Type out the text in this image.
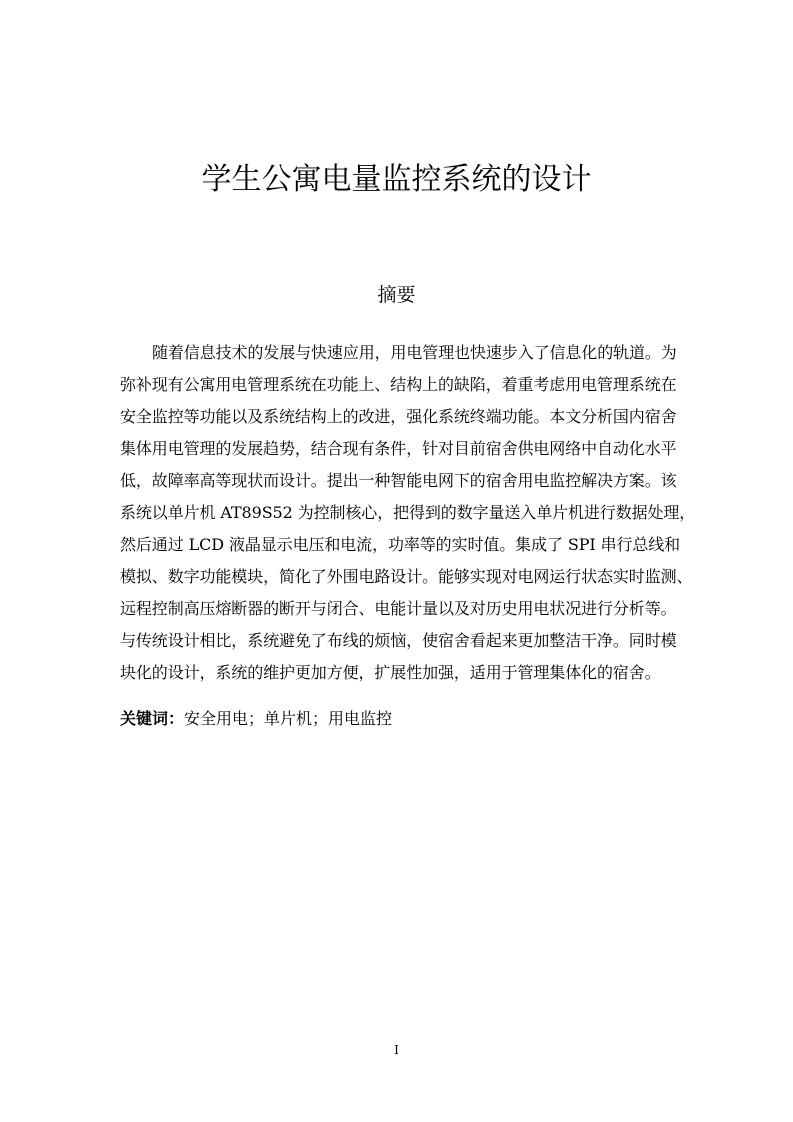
学生公寓电量监控系统的设计
摘要
随着信息技术的发展与快速应用，用电管理也快速步入了信息化的轨道。为
弥补现有公寓用电管理系统在功能上、结构上的缺陷，着重考虑用电管理系统在
安全监控等功能以及系统结构上的改进，强化系统终端功能。本文分析国内宿舍
集体用电管理的发展趋势，结合现有条件，针对目前宿舍供电网络中自动化水平
低，故障率高等现状而设计。提出一种智能电网下的宿舍用电监控解决方案。该
系统以单片机 AT89S52 为控制核心，把得到的数字量送入单片机进行数据处理，
然后通过 LCD 液晶显示电压和电流，功率等的实时值。集成了 SPI 串行总线和
模拟、数字功能模块，简化了外围电路设计。能够实现对电网运行状态实时监测、
远程控制高压熔断器的断开与闭合、电能计量以及对历史用电状况进行分析等。
与传统设计相比，系统避免了布线的烦恼，使宿舍看起来更加整洁干净。同时模
块化的设计，系统的维护更加方便，扩展性加强，适用于管理集体化的宿舍。
关键词：安全用电；单片机；用电监控
I
